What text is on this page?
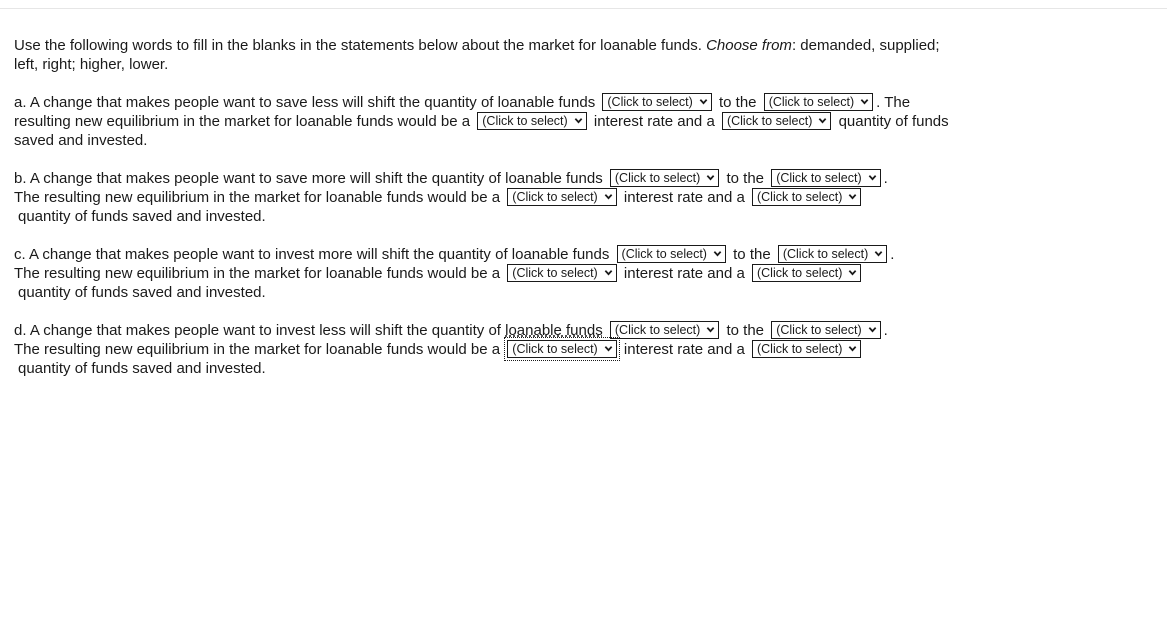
Use the following words to fill in the blanks in the statements below about the market for loanable funds. Choose from: demanded, supplied; left, right; higher, lower.

a. A change that makes people want to save less will shift the quantity of loanable funds (Click to select) to the (Click to select) . The resulting new equilibrium in the market for loanable funds would be a (Click to select) interest rate and a (Click to select) quantity of funds saved and invested.

b. A change that makes people want to save more will shift the quantity of loanable funds (Click to select) to the (Click to select) .
The resulting new equilibrium in the market for loanable funds would be a (Click to select) interest rate and a (Click to select)

quantity of funds saved and invested.

c. A change that makes people want to invest more will shift the quantity of loanable funds (Click to select) to the (Click to select) .
The resulting new equilibrium in the market for loanable funds would be a (Click to select) interest rate and a (Click to select)

quantity of funds saved and invested.

d. A change that makes people want to invest less will shift the quantity of loanable funds (Click to select) to the (Click to select) .
The resulting new equilibrium in the market for loanable funds would be a (Click to select) interest rate and a (Click to select)

quantity of funds saved and invested.
